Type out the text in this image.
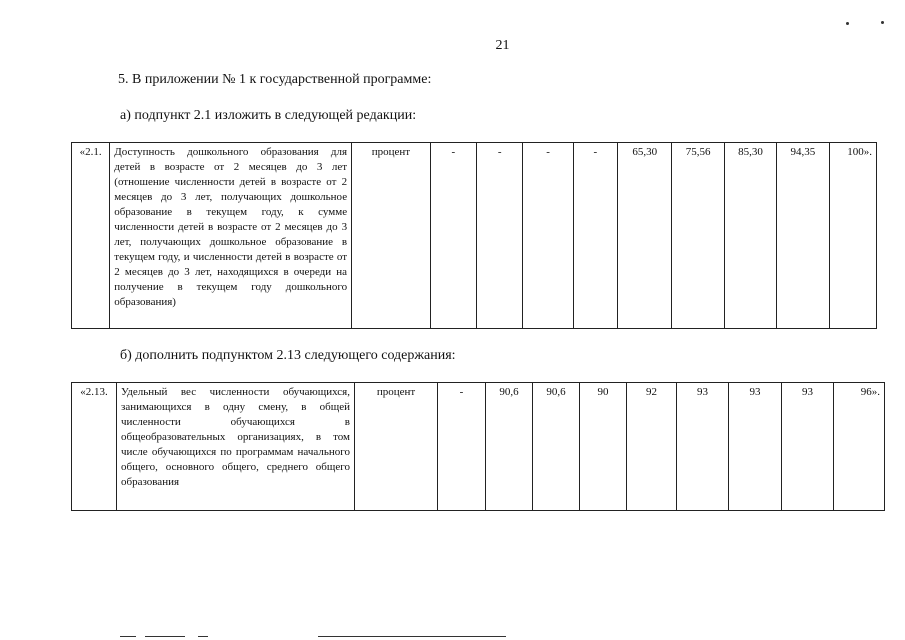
21
5. В приложении № 1 к государственной программе:
а) подпункт 2.1 изложить в следующей редакции:
«2.1.	Доступность дошкольного образования для детей в возрасте от 2 месяцев до 3 лет (отношение численности детей в возрасте от 2 месяцев до 3 лет, получающих дошкольное образование в текущем году, к сумме численности детей в возрасте от 2 месяцев до 3 лет, получающих дошкольное образование в текущем году, и численности детей в возрасте от 2 месяцев до 3 лет, находящихся в очереди на получение в текущем году дошкольного образования)	процент	-	-	-	-	65,30	75,56	85,30	94,35	100».
б) дополнить подпунктом 2.13 следующего содержания:
«2.13.	Удельный вес численности обучающихся, занимающихся в одну смену, в общей численности обучающихся в общеобразовательных организациях, в том числе обучающихся по программам начального общего, основного общего, среднего общего образования	процент	-	90,6	90,6	90	92	93	93	93	96».
